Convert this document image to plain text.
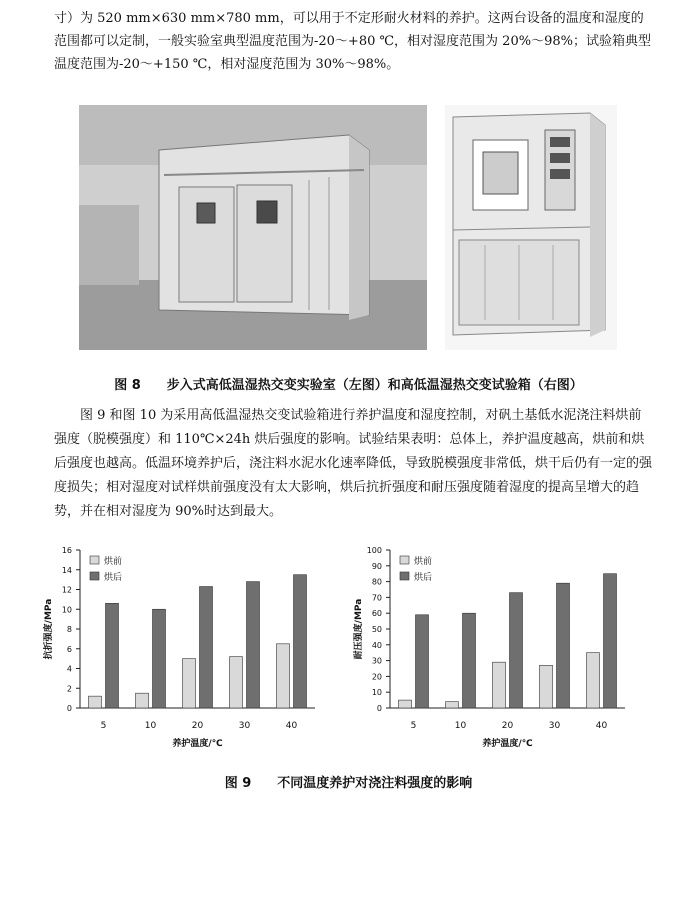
寸）为 520 mm×630 mm×780 mm，可以用于不定形耐火材料的养护。这两台设备的温度和湿度的范围都可以定制，一般实验室典型温度范围为-20～+80 ℃，相对湿度范围为 20%～98%；试验箱典型温度范围为-20～+150 ℃，相对湿度范围为 30%～98%。

图 8　　步入式高低温湿热交变实验室（左图）和高低温湿热交变试验箱（右图）

图 9 和图 10 为采用高低温湿热交变试验箱进行养护温度和湿度控制，对矾土基低水泥浇注料烘前强度（脱模强度）和 110℃×24h 烘后强度的影响。试验结果表明：总体上，养护温度越高，烘前和烘后强度也越高。低温环境养护后，浇注料水泥水化速率降低，导致脱模强度非常低，烘干后仍有一定的强度损失；相对湿度对试样烘前强度没有太大影响，烘后抗折强度和耐压强度随着湿度的提高呈增大的趋势，并在相对湿度为 90%时达到最大。

0
2
4
6
8
10
12
14
16
5	10	20	30	40
养护温度/℃
抗折强度/MPa
烘前
烘后
0
10
20
30
40
50
60
70
80
90
100
5	10	20	30	40
养护温度/℃
耐压强度/MPa
烘前
烘后
图 9　　不同温度养护对浇注料强度的影响
